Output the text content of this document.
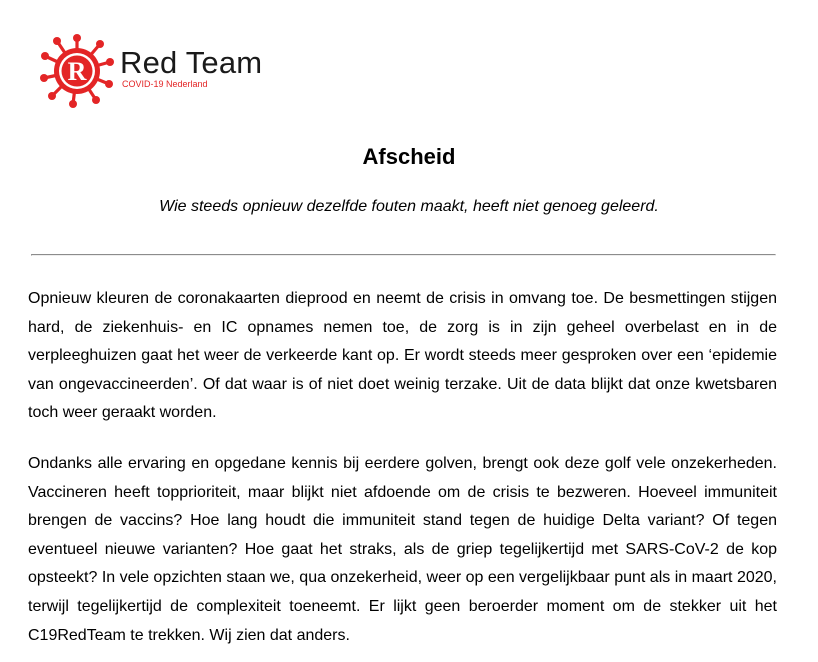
R Red Team
COVID-19 Nederland
Afscheid

Wie steeds opnieuw dezelfde fouten maakt, heeft niet genoeg geleerd.

Opnieuw kleuren de coronakaarten dieprood en neemt de crisis in omvang toe. De besmettingen stijgen hard, de ziekenhuis- en IC opnames nemen toe, de zorg is in zijn geheel overbelast en in de verpleeghuizen gaat het weer de verkeerde kant op. Er wordt steeds meer gesproken over een ‘epidemie van ongevaccineerden’. Of dat waar is of niet doet weinig terzake. Uit de data blijkt dat onze kwetsbaren toch weer geraakt worden.

Ondanks alle ervaring en opgedane kennis bij eerdere golven, brengt ook deze golf vele onzekerheden. Vaccineren heeft topprioriteit, maar blijkt niet afdoende om de crisis te bezweren. Hoeveel immuniteit brengen de vaccins? Hoe lang houdt die immuniteit stand tegen de huidige Delta variant? Of tegen eventueel nieuwe varianten? Hoe gaat het straks, als de griep tegelijkertijd met SARS-CoV-2 de kop opsteekt? In vele opzichten staan we, qua onzekerheid, weer op een vergelijkbaar punt als in maart 2020, terwijl tegelijkertijd de complexiteit toeneemt. Er lijkt geen beroerder moment om de stekker uit het C19RedTeam te trekken. Wij zien dat anders.
